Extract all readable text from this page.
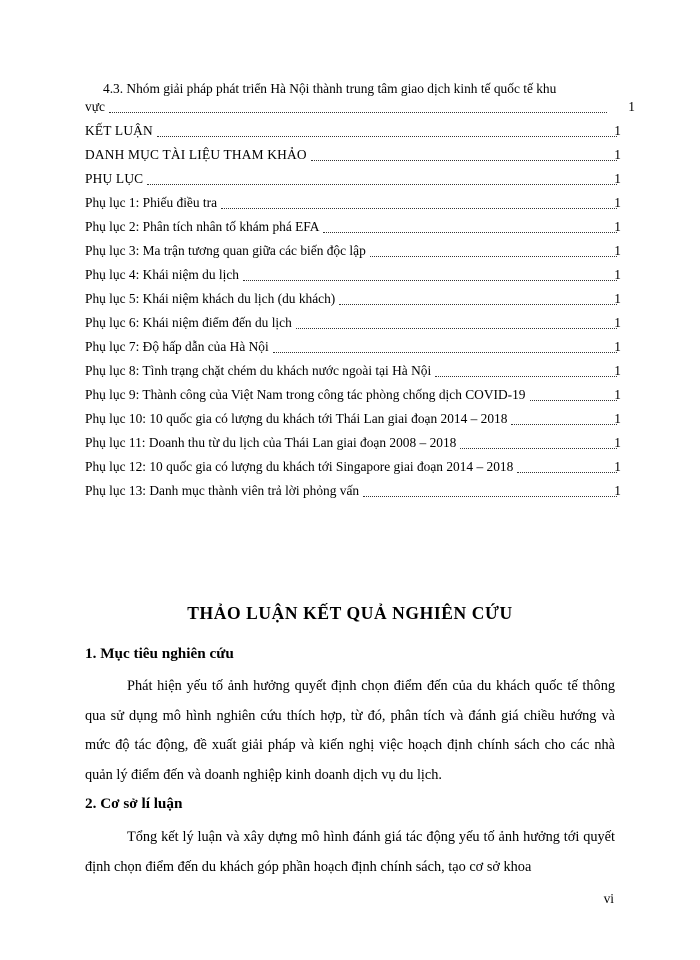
4.3. Nhóm giải pháp phát triển Hà Nội thành trung tâm giao dịch kinh tế quốc tế khu
vực	1
KẾT LUẬN	1
DANH MỤC TÀI LIỆU THAM KHẢO	1
PHỤ LỤC	1
Phụ lục 1: Phiếu điều tra	1
Phụ lục 2: Phân tích nhân tố khám phá EFA	1
Phụ lục 3: Ma trận tương quan giữa các biến độc lập	1
Phụ lục 4: Khái niệm du lịch	1
Phụ lục 5: Khái niệm khách du lịch (du khách)	1
Phụ lục 6: Khái niệm điểm đến du lịch	1
Phụ lục 7: Độ hấp dẫn của Hà Nội	1
Phụ lục 8: Tình trạng chặt chém du khách nước ngoài tại Hà Nội	1
Phụ lục 9: Thành công của Việt Nam trong công tác phòng chống dịch COVID-19	1
Phụ lục 10: 10 quốc gia có lượng du khách tới Thái Lan giai đoạn 2014 – 2018	1
Phụ lục 11: Doanh thu từ du lịch của Thái Lan giai đoạn 2008 – 2018	1
Phụ lục 12: 10 quốc gia có lượng du khách tới Singapore giai đoạn 2014 – 2018	1
Phụ lục 13: Danh mục thành viên trả lời phỏng vấn	1
THẢO LUẬN KẾT QUẢ NGHIÊN CỨU
1. Mục tiêu nghiên cứu
Phát hiện yếu tố ảnh hưởng quyết định chọn điểm đến của du khách quốc tế thông qua sử dụng mô hình nghiên cứu thích hợp, từ đó, phân tích và đánh giá chiều hướng và mức độ tác động, đề xuất giải pháp và kiến nghị việc hoạch định chính sách cho các nhà quản lý điểm đến và doanh nghiệp kinh doanh dịch vụ du lịch.
2. Cơ sở lí luận
Tổng kết lý luận và xây dựng mô hình đánh giá tác động yếu tố ảnh hưởng tới quyết định chọn điểm đến du khách góp phần hoạch định chính sách, tạo cơ sở khoa
vi
